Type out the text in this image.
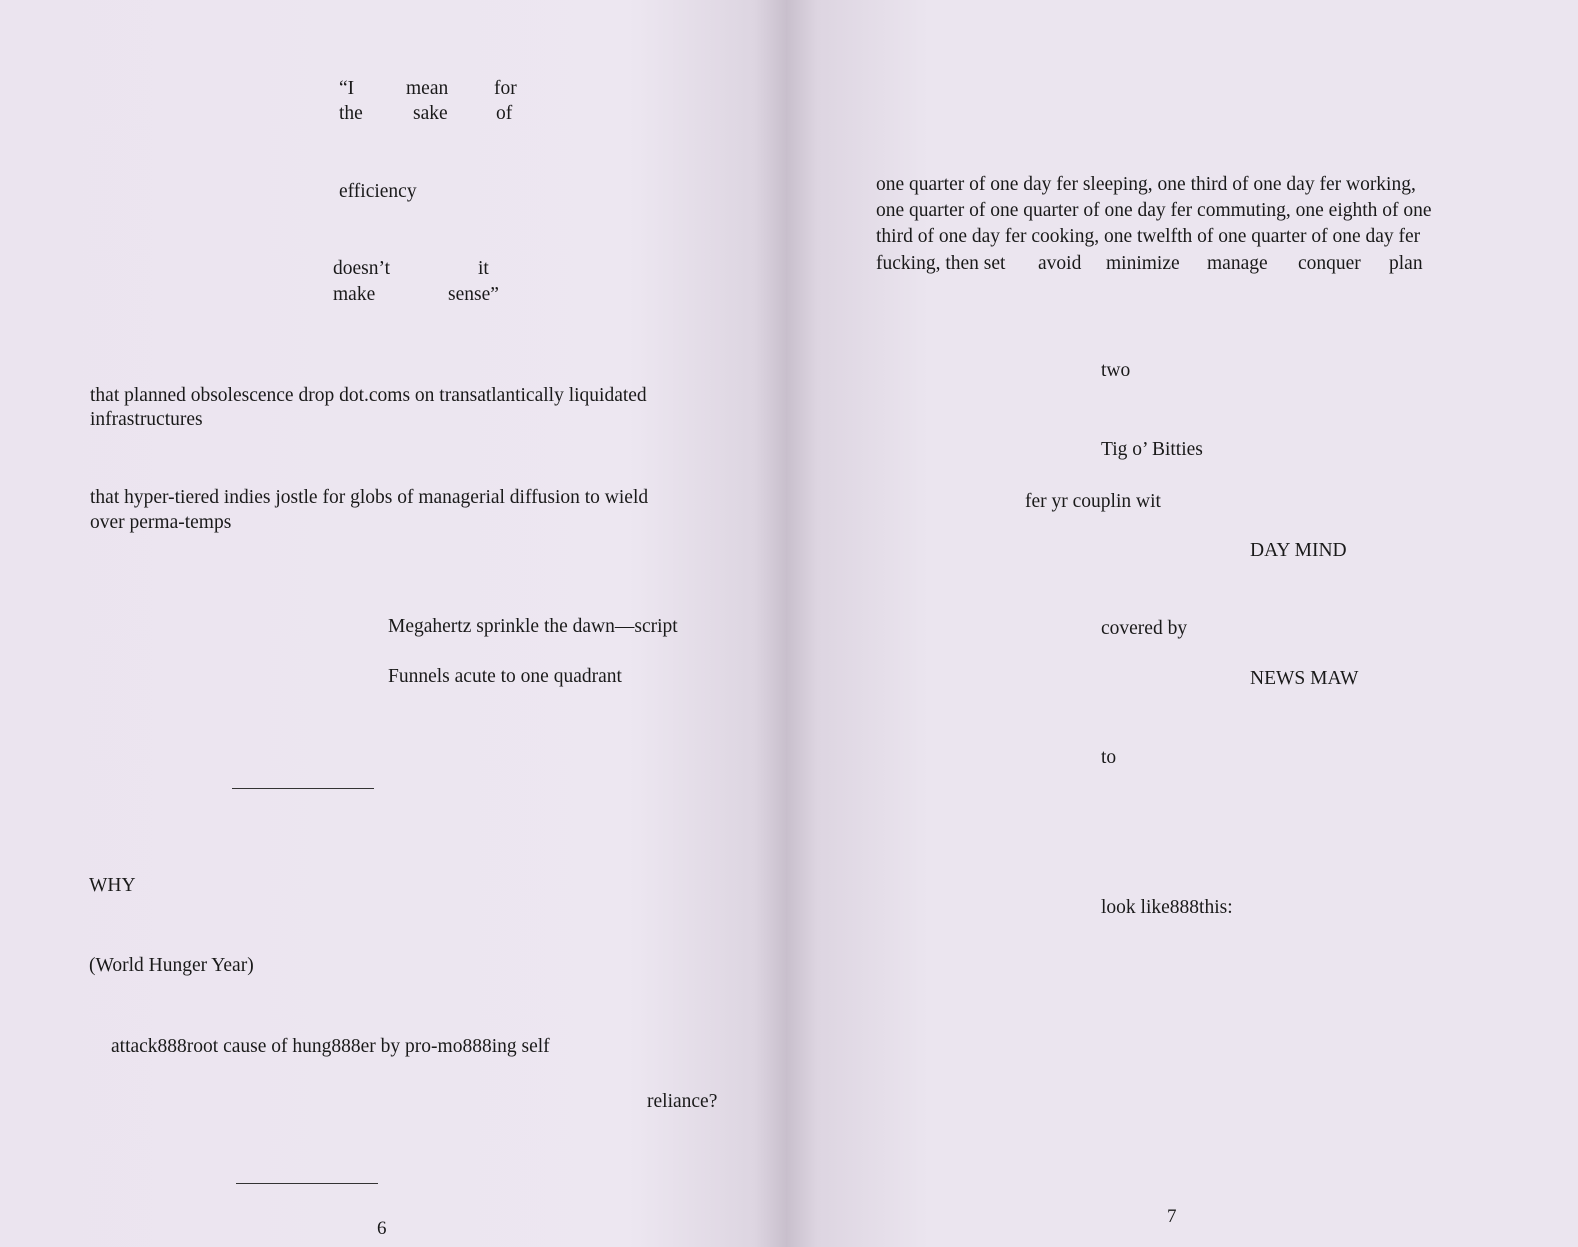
“I	mean for

the	sake of

efficiency

doesn’t	it

make	sense”

that planned obsolescence drop dot.coms on transatlantically liquidated

infrastructures

that hyper-tiered indies jostle for globs of managerial diffusion to wield

over perma-temps

Megahertz sprinkle the dawn—script

Funnels acute to one quadrant

WHY

(World Hunger Year)

attack888root cause of hung888er by pro-mo888ing self

reliance?

6

one quarter of one day fer sleeping, one third of one day fer working,

one quarter of one quarter of one day fer commuting, one eighth of one

third of one day fer cooking, one twelfth of one quarter of one day fer

fucking, then set avoid minimize manage conquer plan

two

Tig o’ Bitties

fer yr couplin wit

DAY MIND

covered by

NEWS MAW

to

look like888this:

7
